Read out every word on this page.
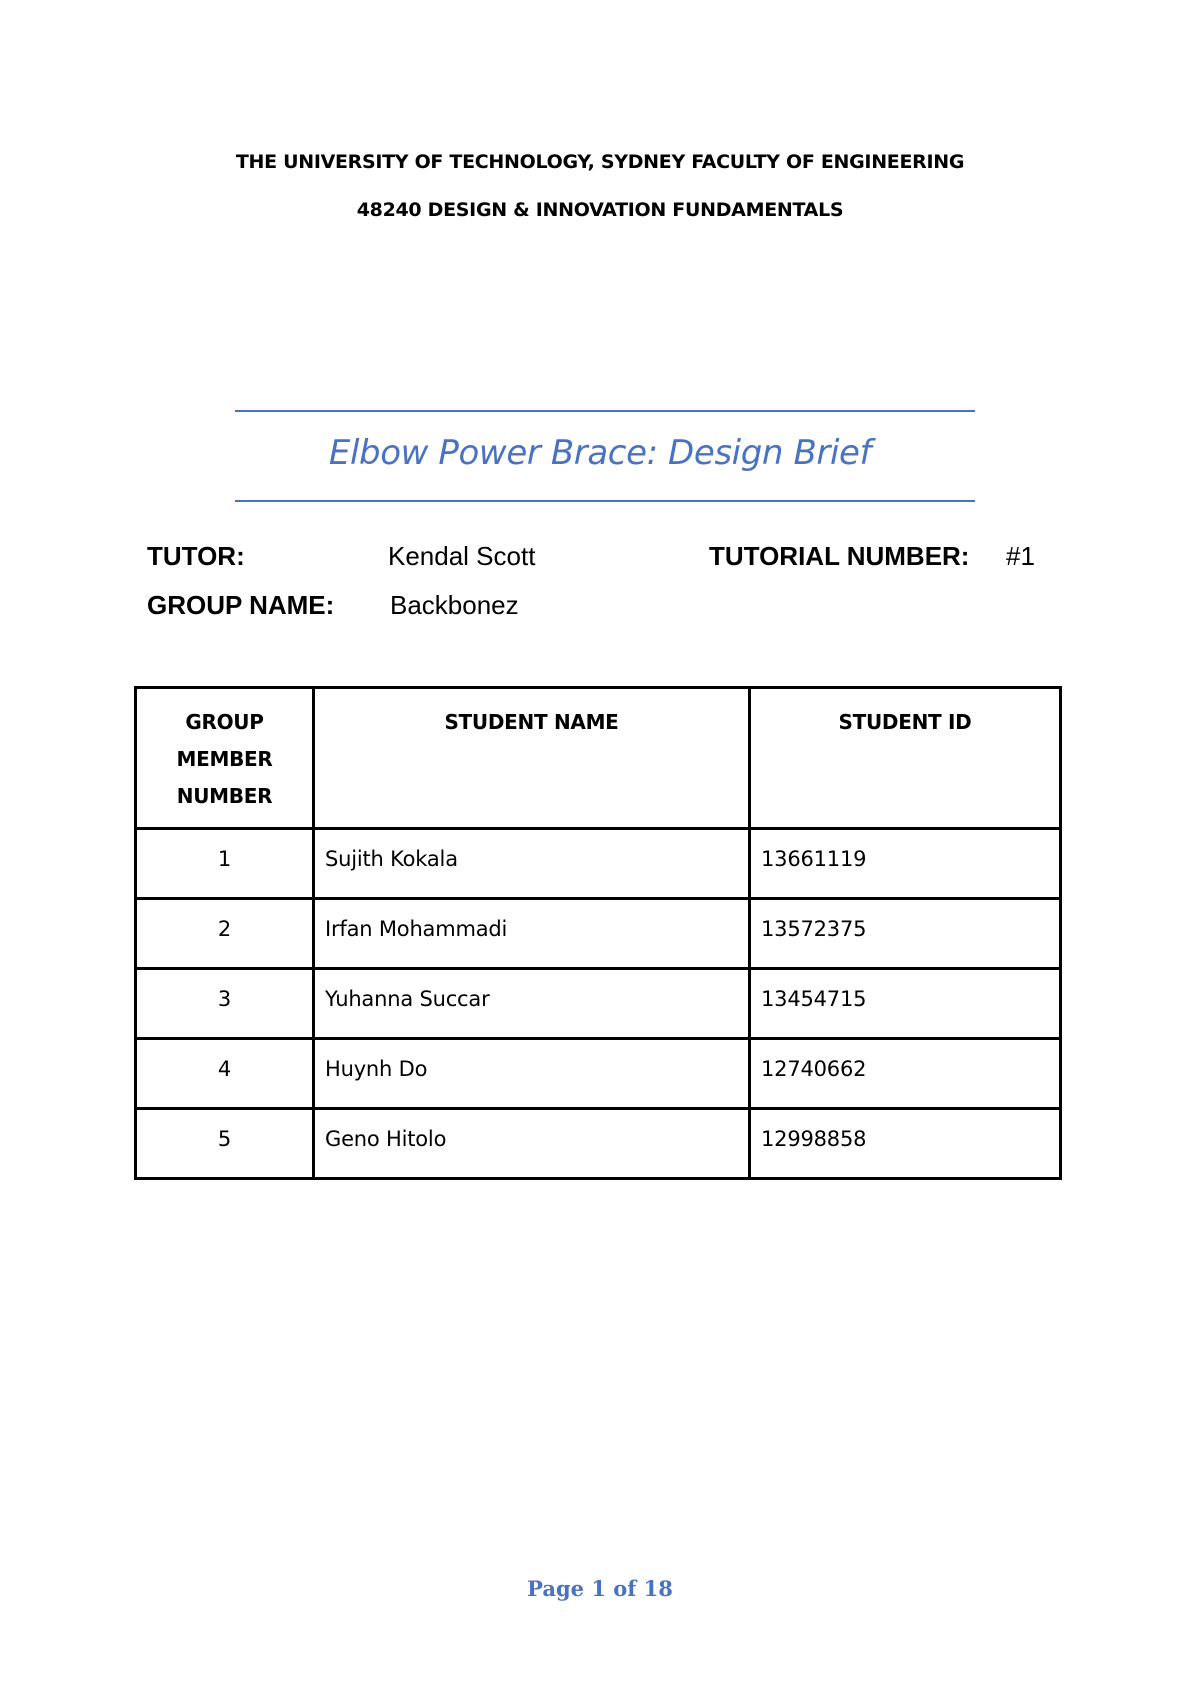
THE UNIVERSITY OF TECHNOLOGY, SYDNEY FACULTY OF ENGINEERING
48240 DESIGN & INNOVATION FUNDAMENTALS
Elbow Power Brace: Design Brief
TUTOR:	Kendal Scott	TUTORIAL NUMBER: #1
GROUP NAME: Backbonez
GROUP MEMBER NUMBER	STUDENT NAME	STUDENT ID
1	Sujith Kokala	13661119
2	Irfan Mohammadi	13572375
3	Yuhanna Succar	13454715
4	Huynh Do	12740662
5	Geno Hitolo	12998858
Page 1 of 18
